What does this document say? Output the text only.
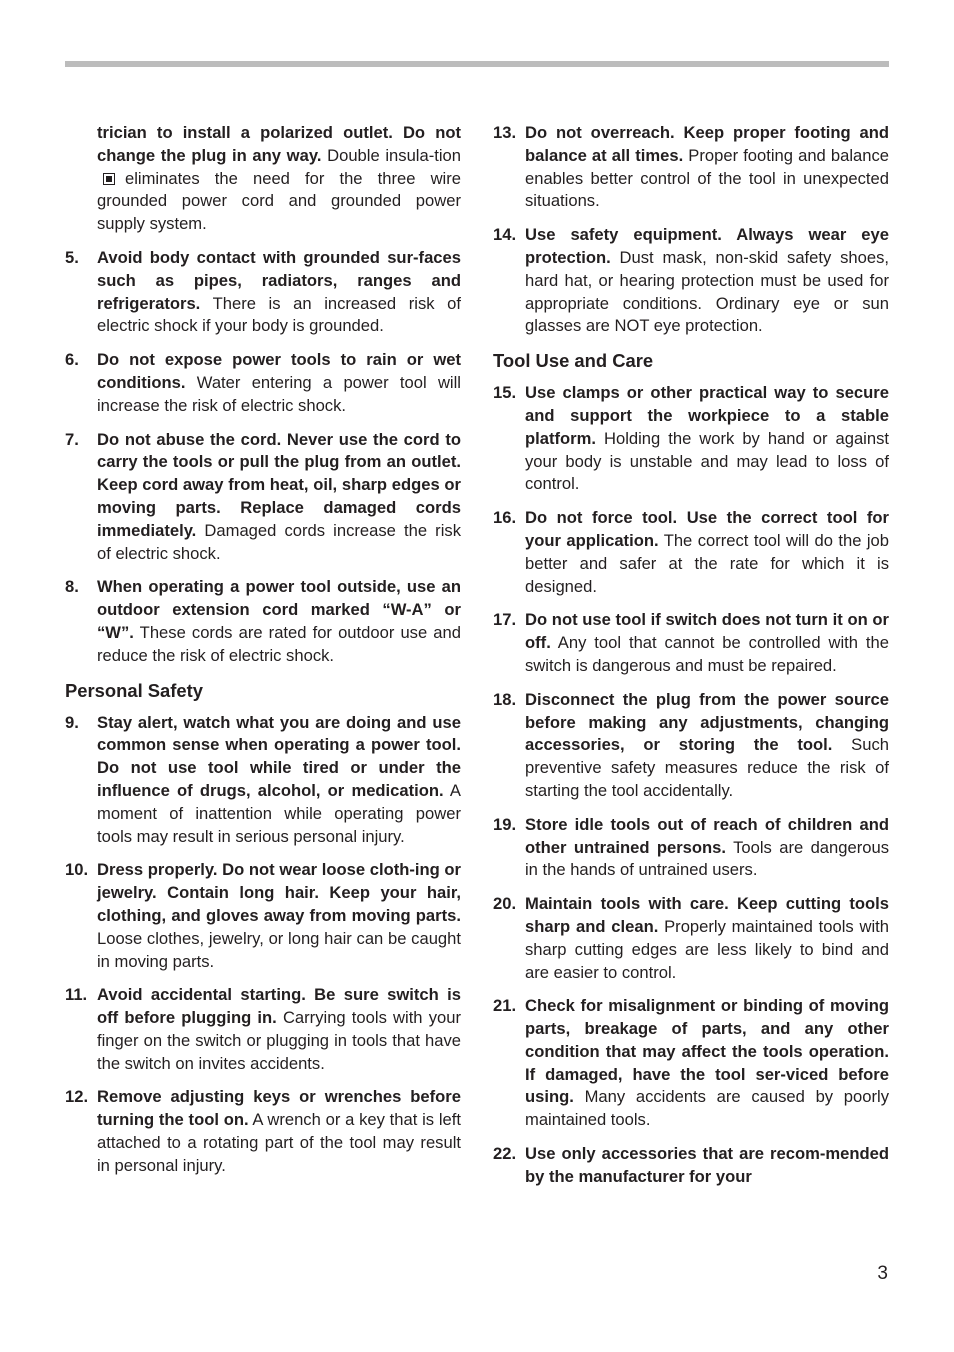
trician to install a polarized outlet. Do not change the plug in any way. Double insula-tioneliminates the need for the three wire grounded power cord and grounded power supply system.
5. Avoid body contact with grounded sur-faces such as pipes, radiators, ranges and refrigerators. There is an increased risk of electric shock if your body is grounded.
6. Do not expose power tools to rain or wet conditions. Water entering a power tool will increase the risk of electric shock.
7. Do not abuse the cord. Never use the cord to carry the tools or pull the plug from an outlet. Keep cord away from heat, oil, sharp edges or moving parts. Replace damaged cords immediately. Damaged cords increase the risk of electric shock.
8. When operating a power tool outside, use an outdoor extension cord marked “W-A” or “W”. These cords are rated for outdoor use and reduce the risk of electric shock.
Personal Safety
9. Stay alert, watch what you are doing and use common sense when operating a power tool. Do not use tool while tired or under the influence of drugs, alcohol, or medication. A moment of inattention while operating power tools may result in serious personal injury.
10. Dress properly. Do not wear loose cloth-ing or jewelry. Contain long hair. Keep your hair, clothing, and gloves away from moving parts. Loose clothes, jewelry, or long hair can be caught in moving parts.
11. Avoid accidental starting. Be sure switch is off before plugging in. Carrying tools with your finger on the switch or plugging in tools that have the switch on invites accidents.
12. Remove adjusting keys or wrenches before turning the tool on. A wrench or a key that is left attached to a rotating part of the tool may result in personal injury.
13. Do not overreach. Keep proper footing and balance at all times. Proper footing and balance enables better control of the tool in unexpected situations.
14. Use safety equipment. Always wear eye protection. Dust mask, non-skid safety shoes, hard hat, or hearing protection must be used for appropriate conditions. Ordinary eye or sun glasses are NOT eye protection.
Tool Use and Care
15. Use clamps or other practical way to secure and support the workpiece to a stable platform. Holding the work by hand or against your body is unstable and may lead to loss of control.
16. Do not force tool. Use the correct tool for your application. The correct tool will do the job better and safer at the rate for which it is designed.
17. Do not use tool if switch does not turn it on or off. Any tool that cannot be controlled with the switch is dangerous and must be repaired.
18. Disconnect the plug from the power source before making any adjustments, changing accessories, or storing the tool. Such preventive safety measures reduce the risk of starting the tool accidentally.
19. Store idle tools out of reach of children and other untrained persons. Tools are dangerous in the hands of untrained users.
20. Maintain tools with care. Keep cutting tools sharp and clean. Properly maintained tools with sharp cutting edges are less likely to bind and are easier to control.
21. Check for misalignment or binding of moving parts, breakage of parts, and any other condition that may affect the tools operation. If damaged, have the tool ser-viced before using. Many accidents are caused by poorly maintained tools.
22. Use only accessories that are recom-mended by the manufacturer for your
3
